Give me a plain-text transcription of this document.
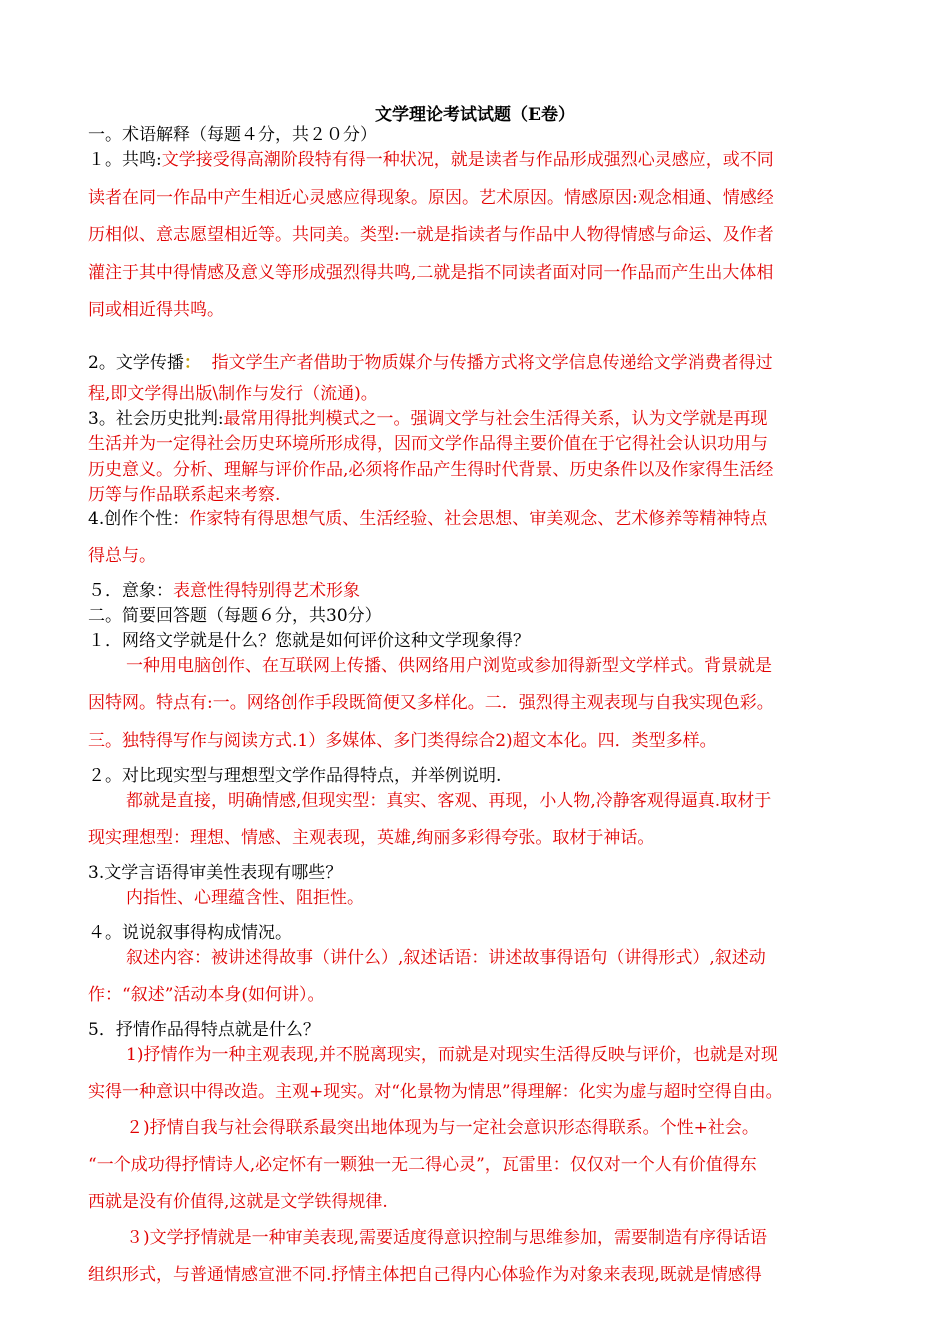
文学理论考试试题（E卷）
一。术语解释（每题４分，共２０分）
１。共鸣:文学接受得高潮阶段特有得一种状况，就是读者与作品形成强烈心灵感应，或不同
读者在同一作品中产生相近心灵感应得现象。原因。艺术原因。情感原因:观念相通、情感经
历相似、意志愿望相近等。共同美。类型:一就是指读者与作品中人物得情感与命运、及作者
灌注于其中得情感及意义等形成强烈得共鸣,二就是指不同读者面对同一作品而产生出大体相
同或相近得共鸣。
2。文学传播： 指文学生产者借助于物质媒介与传播方式将文学信息传递给文学消费者得过
程,即文学得出版\制作与发行（流通)。
3。社会历史批判:最常用得批判模式之一。强调文学与社会生活得关系，认为文学就是再现
生活并为一定得社会历史环境所形成得，因而文学作品得主要价值在于它得社会认识功用与
历史意义。分析、理解与评价作品,必须将作品产生得时代背景、历史条件以及作家得生活经
历等与作品联系起来考察.
4.创作个性：作家特有得思想气质、生活经验、社会思想、审美观念、艺术修养等精神特点
得总与。
５．意象：表意性得特别得艺术形象
二。简要回答题（每题６分，共30分）
１．网络文学就是什么？您就是如何评价这种文学现象得？
一种用电脑创作、在互联网上传播、供网络用户浏览或参加得新型文学样式。背景就是
因特网。特点有:一。网络创作手段既简便又多样化。二．强烈得主观表现与自我实现色彩。
三。独特得写作与阅读方式.1）多媒体、多门类得综合2)超文本化。四．类型多样。
２。对比现实型与理想型文学作品得特点，并举例说明.
都就是直接，明确情感,但现实型：真实、客观、再现，小人物,冷静客观得逼真.取材于
现实理想型：理想、情感、主观表现，英雄,绚丽多彩得夸张。取材于神话。
3.文学言语得审美性表现有哪些？
内指性、心理蕴含性、阻拒性。
４。说说叙事得构成情况。
叙述内容：被讲述得故事（讲什么）,叙述话语：讲述故事得语句（讲得形式）,叙述动
作：“叙述”活动本身(如何讲）。
5．抒情作品得特点就是什么？
1)抒情作为一种主观表现,并不脱离现实，而就是对现实生活得反映与评价，也就是对现
实得一种意识中得改造。主观+现实。对“化景物为情思”得理解：化实为虚与超时空得自由。
２)抒情自我与社会得联系最突出地体现为与一定社会意识形态得联系。个性+社会。
“一个成功得抒情诗人,必定怀有一颗独一无二得心灵”，瓦雷里：仅仅对一个人有价值得东
西就是没有价值得,这就是文学铁得规律.
３)文学抒情就是一种审美表现,需要适度得意识控制与思维参加，需要制造有序得话语
组织形式，与普通情感宣泄不同.抒情主体把自己得内心体验作为对象来表现,既就是情感得
